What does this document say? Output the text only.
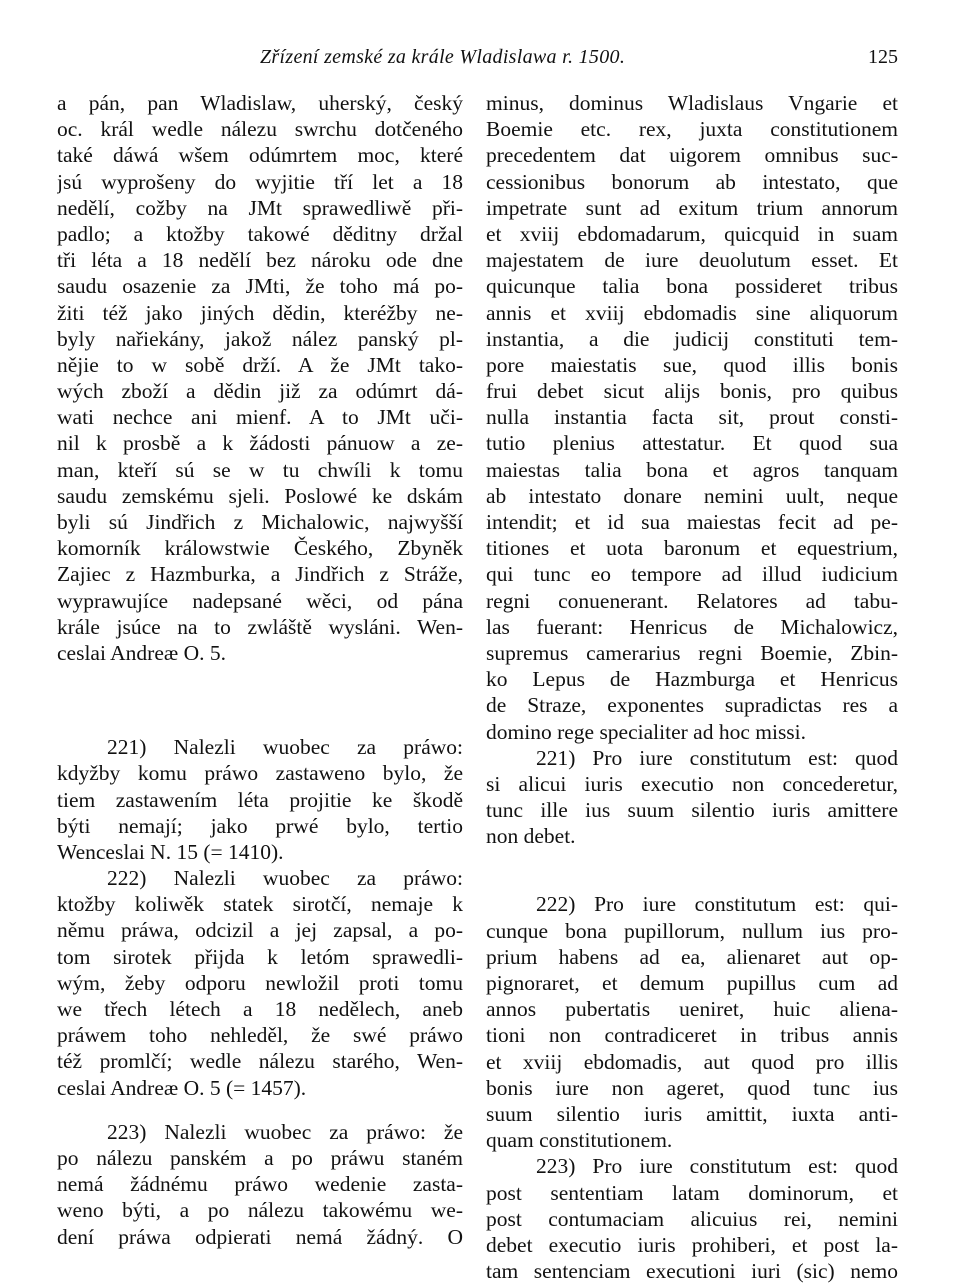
Zřízení zemské za krále Wladislawa r. 1500.	125
a pán, pan Wladislaw, uherský, český
oc. král wedle nálezu swrchu dotčeného
také dáwá wšem odúmrtem moc, které
jsú wyprošeny do wyjitie tří let a 18
nedělí, cožby na JMt sprawedliwě při-
padlo; a ktožby takowé děditny držal
tři léta a 18 nedělí bez nároku ode dne
saudu osazenie za JMti, že toho má po-
žiti též jako jiných dědin, kteréžby ne-
byly nařiekány, jakož nález panský pl-
nějie to w sobě drží. A že JMt tako-
wých zboží a dědin již za odúmrt dá-
wati nechce ani mienf. A to JMt uči-
nil k prosbě a k žádosti pánuow a ze-
man, kteří sú se w tu chwíli k tomu
saudu zemskému sjeli. Poslowé ke dskám
byli sú Jindřich z Michalowic, najwyšší
komorník králowstwie Českého, Zbyněk
Zajiec z Hazmburka, a Jindřich z Stráže,
wyprawujíce nadepsané wěci, od pána
krále jsúce na to zwláště wysláni. Wen-
ceslai Andreæ O. 5.
221) Nalezli wuobec za práwo:
kdyžby komu práwo zastaweno bylo, že
tiem zastawením léta projitie ke škodě
býti nemají; jako prwé bylo, tertio
Wenceslai N. 15 (= 1410).
222) Nalezli wuobec za práwo:
ktožby koliwěk statek sirotčí, nemaje k
němu práwa, odcizil a jej zapsal, a po-
tom sirotek přijda k letóm sprawedli-
wým, žeby odporu newložil proti tomu
we třech létech a 18 nedělech, aneb
práwem toho nehleděl, že swé práwo
též promlčí; wedle nálezu starého, Wen-
ceslai Andreæ O. 5 (= 1457).
223) Nalezli wuobec za práwo: že
po nálezu panském a po práwu staném
nemá žádnému práwo wedenie zasta-
weno býti, a po nálezu takowému we-
dení práwa odpierati nemá žádný. O
minus, dominus Wladislaus Vngarie et
Boemie etc. rex, juxta constitutionem
precedentem dat uigorem omnibus suc-
cessionibus bonorum ab intestato, que
impetrate sunt ad exitum trium annorum
et xviij ebdomadarum, quicquid in suam
majestatem de iure deuolutum esset. Et
quicunque talia bona possideret tribus
annis et xviij ebdomadis sine aliquorum
instantia, a die judicij constituti tem-
pore maiestatis sue, quod illis bonis
frui debet sicut alijs bonis, pro quibus
nulla instantia facta sit, prout consti-
tutio plenius attestatur. Et quod sua
maiestas talia bona et agros tanquam
ab intestato donare nemini uult, neque
intendit; et id sua maiestas fecit ad pe-
titiones et uota baronum et equestrium,
qui tunc eo tempore ad illud iudicium
regni conuenerant. Relatores ad tabu-
las fuerant: Henricus de Michalowicz,
supremus camerarius regni Boemie, Zbin-
ko Lepus de Hazmburga et Henricus
de Straze, exponentes supradictas res a
domino rege specialiter ad hoc missi.
221) Pro iure constitutum est: quod
si alicui iuris executio non concederetur,
tunc ille ius suum silentio iuris amittere
non debet.
222) Pro iure constitutum est: qui-
cunque bona pupillorum, nullum ius pro-
prium habens ad ea, alienaret aut op-
pignoraret, et demum pupillus cum ad
annos pubertatis ueniret, huic aliena-
tioni non contradiceret in tribus annis
et xviij ebdomadis, aut quod pro illis
bonis iure non ageret, quod tunc ius
suum silentio iuris amittit, iuxta anti-
quam constitutionem.
223) Pro iure constitutum est: quod
post sententiam latam dominorum, et
post contumaciam alicuius rei, nemini
debet executio iuris prohiberi, et post la-
tam sentenciam executioni iuri (sic) nemo
